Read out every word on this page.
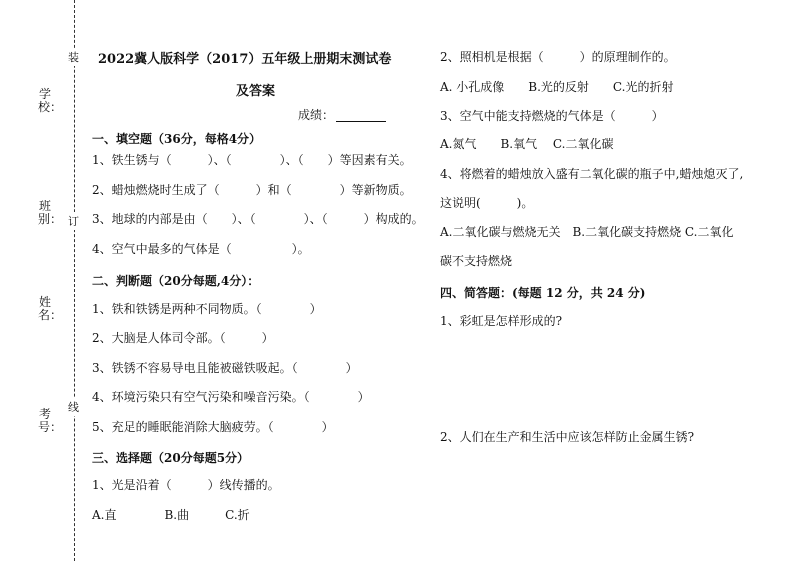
装
订
线
学校：
班别：
姓名：
考号：
2022冀人版科学（2017）五年级上册期末测试卷
及答案
成绩：
一、填空题（36分，每格4分）
1、铁生锈与（　　　）、（　　　　）、（　　）等因素有关。
2、蜡烛燃烧时生成了（　　　）和（　　　　）等新物质。
3、地球的内部是由（　　）、（　　　　）、（　　　）构成的。
4、空气中最多的气体是（　　　　　）。
二、判断题（20分每题,4分）：
1、铁和铁锈是两种不同物质。（　　　　）
2、大脑是人体司令部。（　　　）
3、铁锈不容易导电且能被磁铁吸起。（　　　　）
4、环境污染只有空气污染和噪音污染。（　　　　）
5、充足的睡眠能消除大脑疲劳。（　　　　）
三、选择题（20分每题5分）
1、光是沿着（　　　）线传播的。
A.直　　　　B.曲　　　C.折
2、照相机是根据（　　　）的原理制作的。
A. 小孔成像　　B.光的反射　　C.光的折射
3、空气中能支持燃烧的气体是（　　　）
A.氮气　　B.氧气　 C.二氧化碳
4、将燃着的蜡烛放入盛有二氧化碳的瓶子中,蜡烛熄灭了,
这说明(　　　)。
A.二氧化碳与燃烧无关　B.二氧化碳支持燃烧 C.二氧化
碳不支持燃烧
四、简答题：(每题 12 分，共 24 分)
1、彩虹是怎样形成的?
2、人们在生产和生活中应该怎样防止金属生锈?
